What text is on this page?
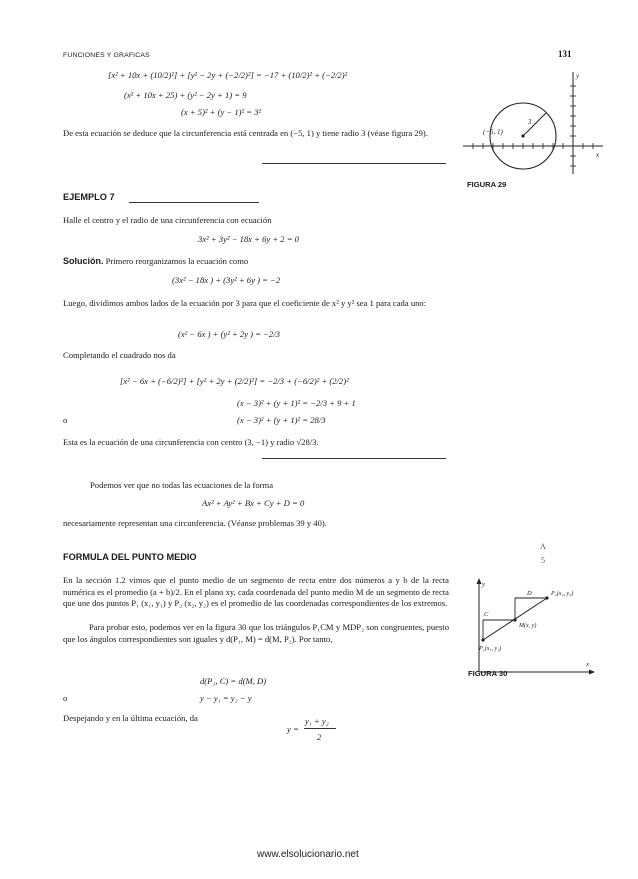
FUNCIONES Y GRAFICAS	131
[x² + 10x + (10/2)²] + [y² − 2y + (−2/2)²] = −17 + (10/2)² + (−2/2)²
(x² + 10x + 25) + (y² − 2y + 1) = 9
(x + 5)² + (y − 1)² = 3²
De esta ecuación se deduce que la circunferencia está centrada en (−5, 1) y tiene radio 3 (véase figura 29).	(−5, 1)
3
x
y
FIGURA 29
EJEMPLO 7
Halle el centro y el radio de una circunferencia con ecuación
3x² + 3y² − 18x + 6y + 2 = 0
Solución. Primero reorganizamos la ecuación como
(3x² − 18x ) + (3y² + 6y ) = −2
Luego, dividimos ambos lados de la ecuación por 3 para que el coeficiente de x² y y² sea 1 para cada uno:
(x² − 6x ) + (y² + 2y ) = −2/3
Completando el cuadrado nos da
[x² − 6x + (−6/2)²] + [y² + 2y + (2/2)²] = −2/3 + (−6/2)² + (2/2)²
(x − 3)² + (y + 1)² = −2/3 + 9 + 1
o	(x − 3)² + (y + 1)² = 28/3
Esta es la ecuación de una circunferencia con centro (3, −1) y radio √28/3.
Podemos ver que no todas las ecuaciones de la forma
Ax² + Ay² + Bx + Cy + D = 0
necesariamente representan una circunferencia. (Véanse problemas 39 y 40).
FORMULA DEL PUNTO MEDIO
A
5
En la sección 1.2 vimos que el punto medio de un segmento de recta entre dos números a y b de la recta numérica es el promedio (a + b)/2. En el plano xy, cada coordenada del punto medio M de un segmento de recta que une dos puntos P₁ (x₁, y₁) y P₂ (x₂, y₂) es el promedio de las coordenadas correspondientes de los extremos.
Para probar esto, podemos ver en la figura 30 que los triángulos P₁CM y MDP₂ son congruentes, puesto que los ángulos correspondientes son iguales y d(P₁, M) = d(M, P₂). Por tanto,
d(P₁, C) = d(M, D)
o	y − y₁ = y₂ − y
Despejando y en la última ecuación, da
y =
y₁ + y₂
2
y
x
D
C
P₂(x₂, y₂)
M(x, y)
P₁(x₁, y₁)
FIGURA 30
www.elsolucionario.net
